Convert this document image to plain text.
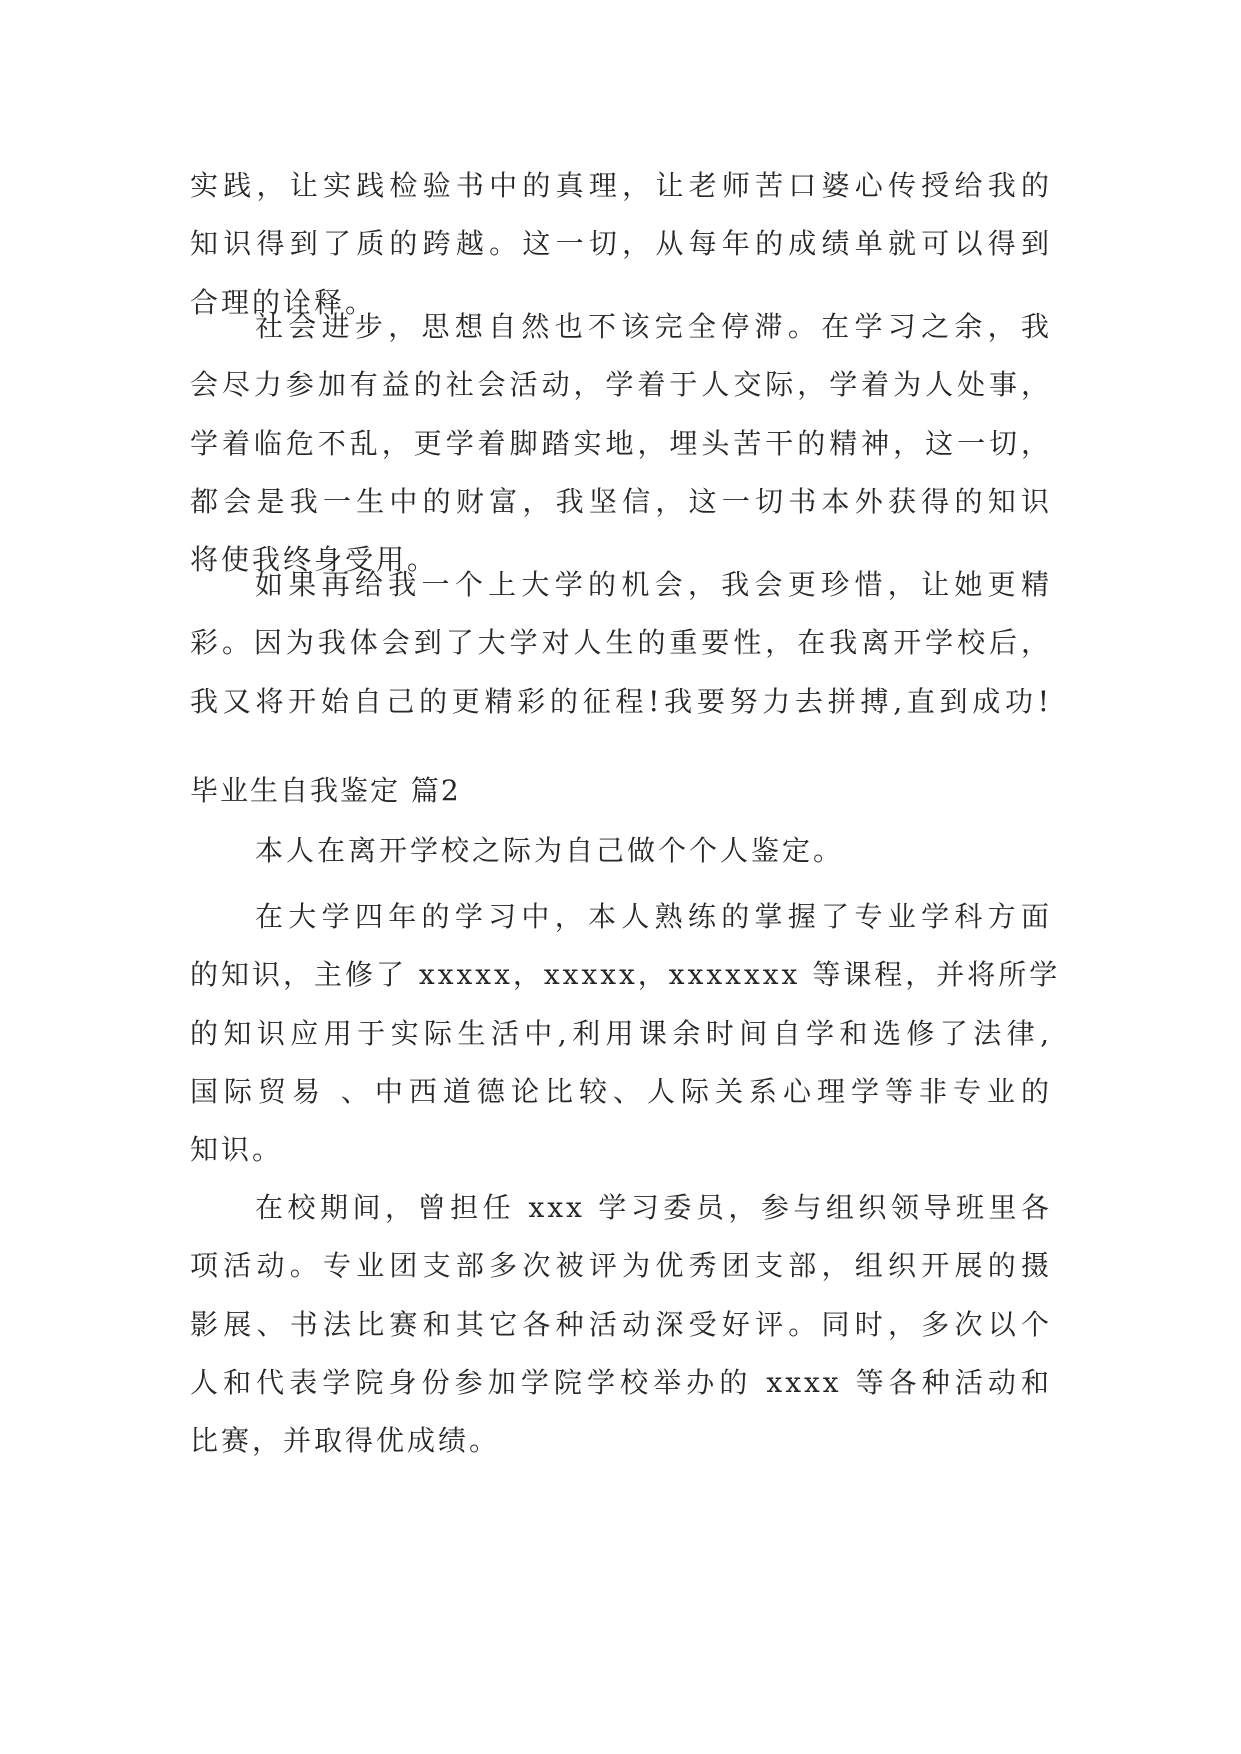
实践，让实践检验书中的真理，让老师苦口婆心传授给我的
知识得到了质的跨越。这一切，从每年的成绩单就可以得到
合理的诠释。
社会进步，思想自然也不该完全停滞。在学习之余，我
会尽力参加有益的社会活动，学着于人交际，学着为人处事，
学着临危不乱，更学着脚踏实地，埋头苦干的精神，这一切，
都会是我一生中的财富，我坚信，这一切书本外获得的知识
将使我终身受用。
如果再给我一个上大学的机会，我会更珍惜，让她更精
彩。因为我体会到了大学对人生的重要性，在我离开学校后，
我又将开始自己的更精彩的征程!我要努力去拼搏,直到成功!
毕业生自我鉴定 篇2
本人在离开学校之际为自己做个个人鉴定。
在大学四年的学习中，本人熟练的掌握了专业学科方面
的知识，主修了 xxxxx，xxxxx，xxxxxxx 等课程，并将所学
的知识应用于实际生活中,利用课余时间自学和选修了法律,
国际贸易 、中西道德论比较、人际关系心理学等非专业的
知识。
在校期间，曾担任 xxx 学习委员，参与组织领导班里各
项活动。专业团支部多次被评为优秀团支部，组织开展的摄
影展、书法比赛和其它各种活动深受好评。同时，多次以个
人和代表学院身份参加学院学校举办的 xxxx 等各种活动和
比赛，并取得优成绩。
